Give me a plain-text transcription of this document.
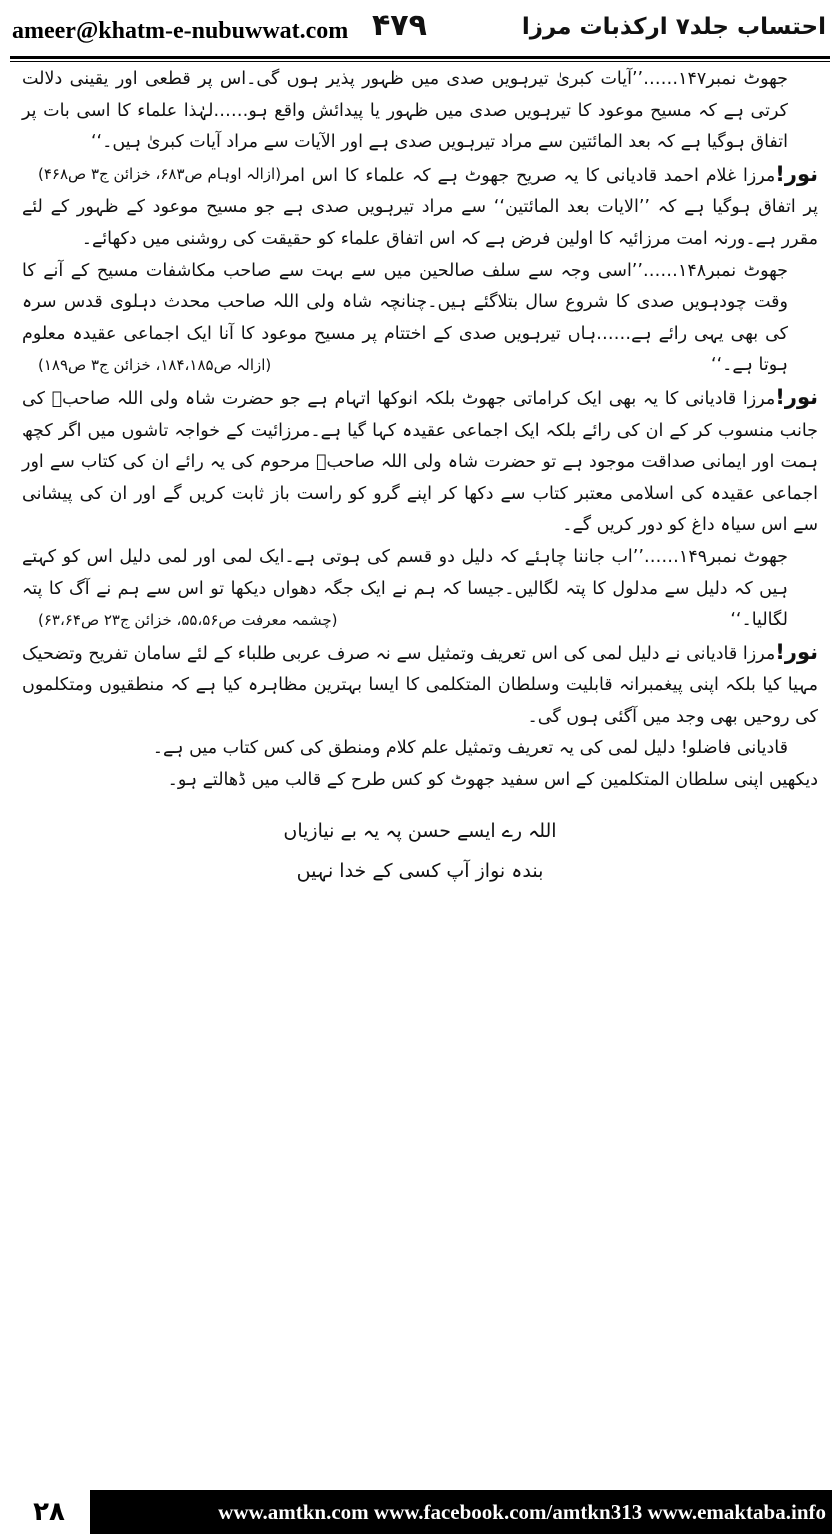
ameer@khatm-e-nubuwwat.com ۴۷۹	احتساب جلد۷ ارکذبات مرزا

جھوٹ نمبر۱۴۷……’’آیات کبریٰ تیرہویں صدی میں ظہور پذیر ہوں گی۔اس پر قطعی اور یقینی دلالت کرتی ہے کہ مسیح موعود کا تیرہویں صدی میں ظہور یا پیدائش واقع ہو……لہٰذا علماء کا اسی بات پر اتفاق ہوگیا ہے کہ بعد المائتین سے مراد تیرہویں صدی ہے اور الآیات سے مراد آیات کبریٰ ہیں۔‘‘
(ازالہ اوہام ص۶۸۳، خزائن ج۳ ص۴۶۸)	نور!مرزا غلام احمد قادیانی کا یہ صریح جھوٹ ہے کہ علماء کا اس امر پر اتفاق ہوگیا ہے کہ ’’الایات بعد المائتین‘‘ سے مراد تیرہویں صدی ہے جو مسیح موعود کے ظہور کے لئے مقرر ہے۔ورنہ امت مرزائیہ کا اولین فرض ہے کہ اس اتفاق علماء کو حقیقت کی روشنی میں دکھائے۔

جھوٹ نمبر۱۴۸……’’اسی وجہ سے سلف صالحین میں سے بہت سے صاحب مکاشفات مسیح کے آنے کا وقت چودہویں صدی کا شروع سال بتلاگئے ہیں۔چنانچہ شاہ ولی اللہ صاحب محدث دہلوی قدس سرہ کی بھی یہی رائے ہے……ہاں تیرہویں صدی کے اختتام پر مسیح موعود کا آنا ایک اجماعی عقیدہ معلوم ہوتا ہے۔‘‘
(ازالہ ص۱۸۴،۱۸۵، خزائن ج۳ ص۱۸۹)

نور!مرزا قادیانی کا یہ بھی ایک کراماتی جھوٹ بلکہ انوکھا اتہام ہے جو حضرت شاہ ولی اللہ صاحبؒ کی جانب منسوب کر کے ان کی رائے بلکہ ایک اجماعی عقیدہ کہا گیا ہے۔مرزائیت کے خواجہ تاشوں میں اگر کچھ ہمت اور ایمانی صداقت موجود ہے تو حضرت شاہ ولی اللہ صاحبؒ مرحوم کی یہ رائے ان کی کتاب سے اور اجماعی عقیدہ کی اسلامی معتبر کتاب سے دکھا کر اپنے گرو کو راست باز ثابت کریں گے اور ان کی پیشانی سے اس سیاہ داغ کو دور کریں گے۔

جھوٹ نمبر۱۴۹……’’اب جاننا چاہئے کہ دلیل دو قسم کی ہوتی ہے۔ایک لمی اور لمی دلیل اس کو کہتے ہیں کہ دلیل سے مدلول کا پتہ لگالیں۔جیسا کہ ہم نے ایک جگہ دھواں دیکھا تو اس سے ہم نے آگ کا پتہ لگالیا۔‘‘
(چشمہ معرفت ص۵۵،۵۶، خزائن ج۲۳ ص۶۳،۶۴)

نور!مرزا قادیانی نے دلیل لمی کی اس تعریف وتمثیل سے نہ صرف عربی طلباء کے لئے سامان تفریح وتضحیک مہیا کیا بلکہ اپنی پیغمبرانہ قابلیت وسلطان المتکلمی کا ایسا بہترین مظاہرہ کیا ہے کہ منطقیوں ومتکلموں کی روحیں بھی وجد میں آگئی ہوں گی۔

قادیانی فاضلو! دلیل لمی کی یہ تعریف وتمثیل علم کلام ومنطق کی کس کتاب میں ہے۔

دیکھیں اپنی سلطان المتکلمین کے اس سفید جھوٹ کو کس طرح کے قالب میں ڈھالتے ہو۔

اللہ رے ایسے حسن پہ یہ بے نیازیاں
بندہ نواز آپ کسی کے خدا نہیں
۲۸	www.amtkn.com www.facebook.com/amtkn313 www.emaktaba.info
